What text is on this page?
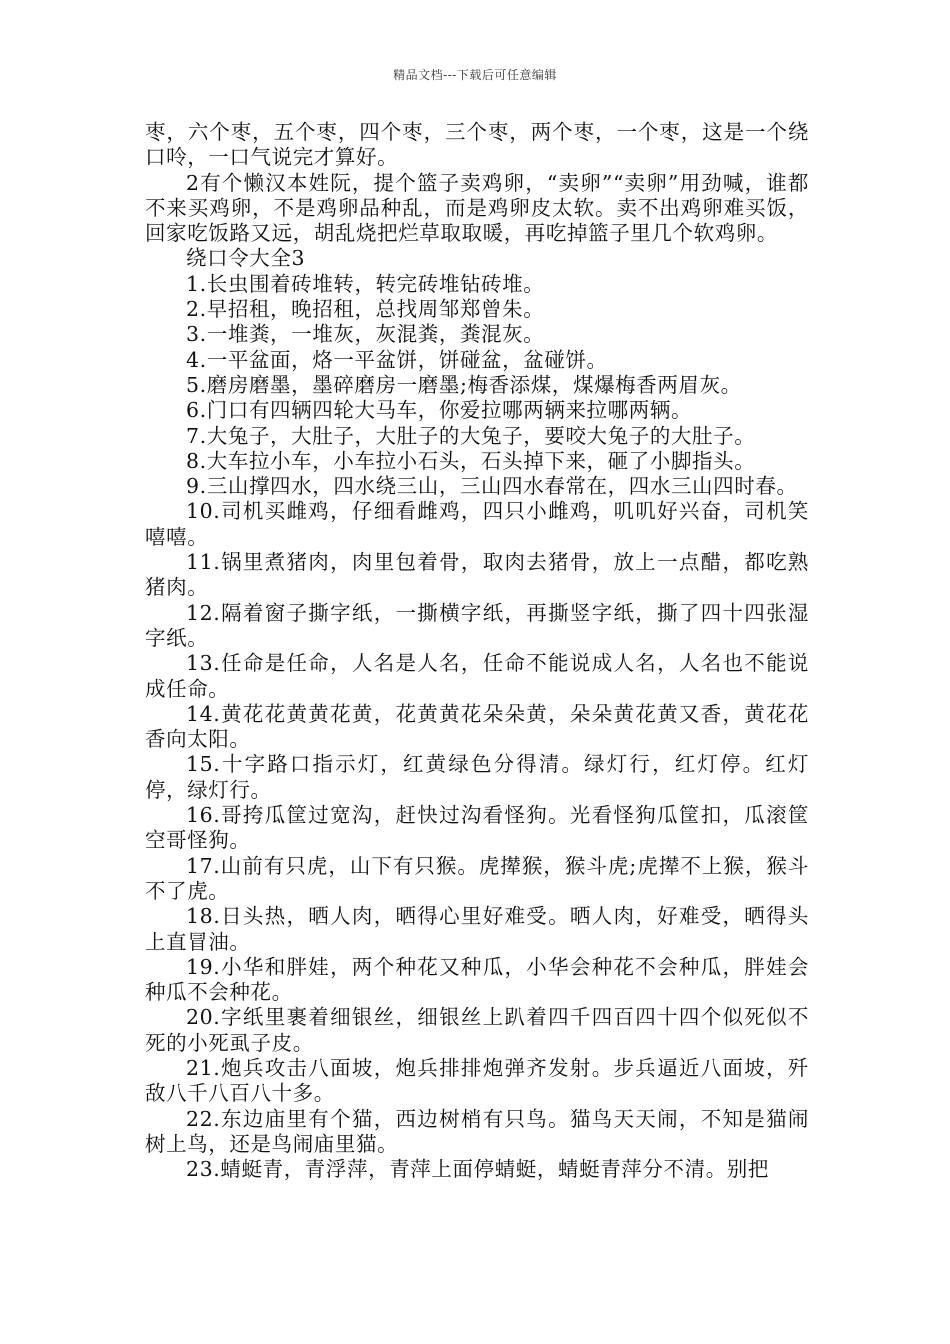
精品文档---下载后可任意编辑

枣，六个枣，五个枣，四个枣，三个枣，两个枣，一个枣，这是一个绕口呤，一口气说完才算好。

2有个懒汉本姓阮，提个篮子卖鸡卵，“卖卵”“卖卵”用劲喊，谁都不来买鸡卵，不是鸡卵品种乱，而是鸡卵皮太软。卖不出鸡卵难买饭，回家吃饭路又远，胡乱烧把烂草取取暖，再吃掉篮子里几个软鸡卵。

绕口令大全3

1.长虫围着砖堆转，转完砖堆钻砖堆。

2.早招租，晚招租，总找周邹郑曾朱。

3.一堆粪，一堆灰，灰混粪，粪混灰。

4.一平盆面，烙一平盆饼，饼碰盆，盆碰饼。

5.磨房磨墨，墨碎磨房一磨墨;梅香添煤，煤爆梅香两眉灰。

6.门口有四辆四轮大马车，你爱拉哪两辆来拉哪两辆。

7.大兔子，大肚子，大肚子的大兔子，要咬大兔子的大肚子。

8.大车拉小车，小车拉小石头，石头掉下来，砸了小脚指头。

9.三山撑四水，四水绕三山，三山四水春常在，四水三山四时春。

10.司机买雌鸡，仔细看雌鸡，四只小雌鸡，叽叽好兴奋，司机笑嘻嘻。

11.锅里煮猪肉，肉里包着骨，取肉去猪骨，放上一点醋，都吃熟猪肉。

12.隔着窗子撕字纸，一撕横字纸，再撕竖字纸，撕了四十四张湿字纸。

13.任命是任命，人名是人名，任命不能说成人名，人名也不能说成任命。

14.黄花花黄黄花黄，花黄黄花朵朵黄，朵朵黄花黄又香，黄花花香向太阳。

15.十字路口指示灯，红黄绿色分得清。绿灯行，红灯停。红灯停，绿灯行。

16.哥挎瓜筐过宽沟，赶快过沟看怪狗。光看怪狗瓜筐扣，瓜滚筐空哥怪狗。

17.山前有只虎，山下有只猴。虎撵猴，猴斗虎;虎撵不上猴，猴斗不了虎。

18.日头热，晒人肉，晒得心里好难受。晒人肉，好难受，晒得头上直冒油。

19.小华和胖娃，两个种花又种瓜，小华会种花不会种瓜，胖娃会种瓜不会种花。

20.字纸里裹着细银丝，细银丝上趴着四千四百四十四个似死似不死的小死虱子皮。

21.炮兵攻击八面坡，炮兵排排炮弹齐发射。步兵逼近八面坡，歼敌八千八百八十多。

22.东边庙里有个猫，西边树梢有只鸟。猫鸟天天闹，不知是猫闹树上鸟，还是鸟闹庙里猫。

23.蜻蜓青，青浮萍，青萍上面停蜻蜓，蜻蜓青萍分不清。别把
